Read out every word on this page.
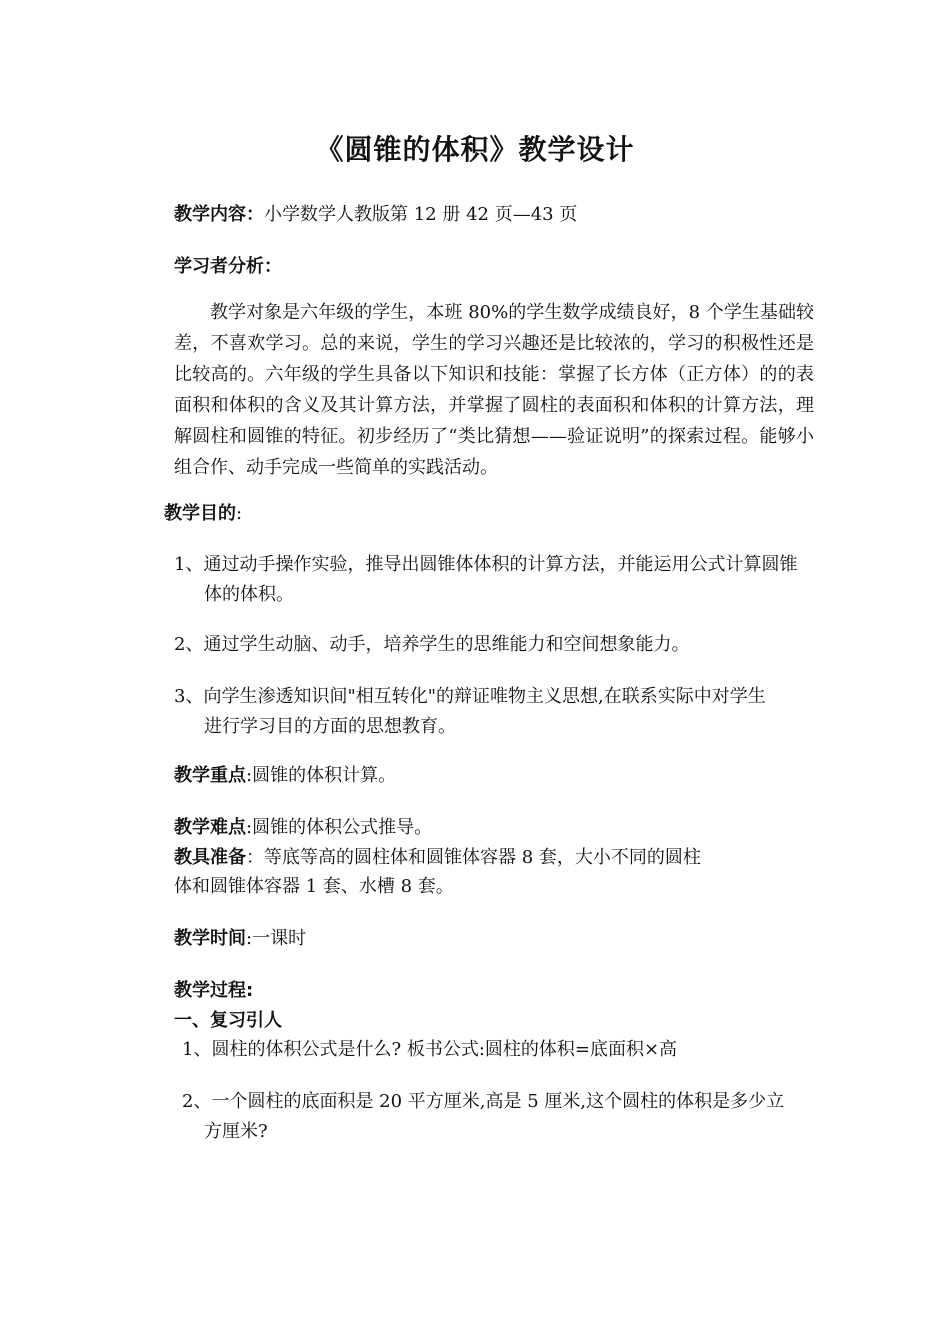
《圆锥的体积》教学设计
教学内容：小学数学人教版第 12 册 42 页—43 页
学习者分析：
教学对象是六年级的学生，本班 80%的学生数学成绩良好，8 个学生基础较差，不喜欢学习。总的来说，学生的学习兴趣还是比较浓的，学习的积极性还是比较高的。六年级的学生具备以下知识和技能：掌握了长方体（正方体）的的表面积和体积的含义及其计算方法，并掌握了圆柱的表面积和体积的计算方法，理解圆柱和圆锥的特征。初步经历了“类比猜想——验证说明”的探索过程。能够小组合作、动手完成一些简单的实践活动。
教学目的:
1、通过动手操作实验，推导出圆锥体体积的计算方法，并能运用公式计算圆锥
体的体积。
2、通过学生动脑、动手，培养学生的思维能力和空间想象能力。
3、向学生渗透知识间"相互转化"的辩证唯物主义思想,在联系实际中对学生
进行学习目的方面的思想教育。
教学重点:圆锥的体积计算。
教学难点:圆锥的体积公式推导。
教具准备：等底等高的圆柱体和圆锥体容器 8 套，大小不同的圆柱
体和圆锥体容器 1 套、水槽 8 套。
教学时间:一课时
教学过程:
一、复习引人
1、圆柱的体积公式是什么? 板书公式:圆柱的体积=底面积×高
2、一个圆柱的底面积是 20 平方厘米,高是 5 厘米,这个圆柱的体积是多少立
方厘米?
